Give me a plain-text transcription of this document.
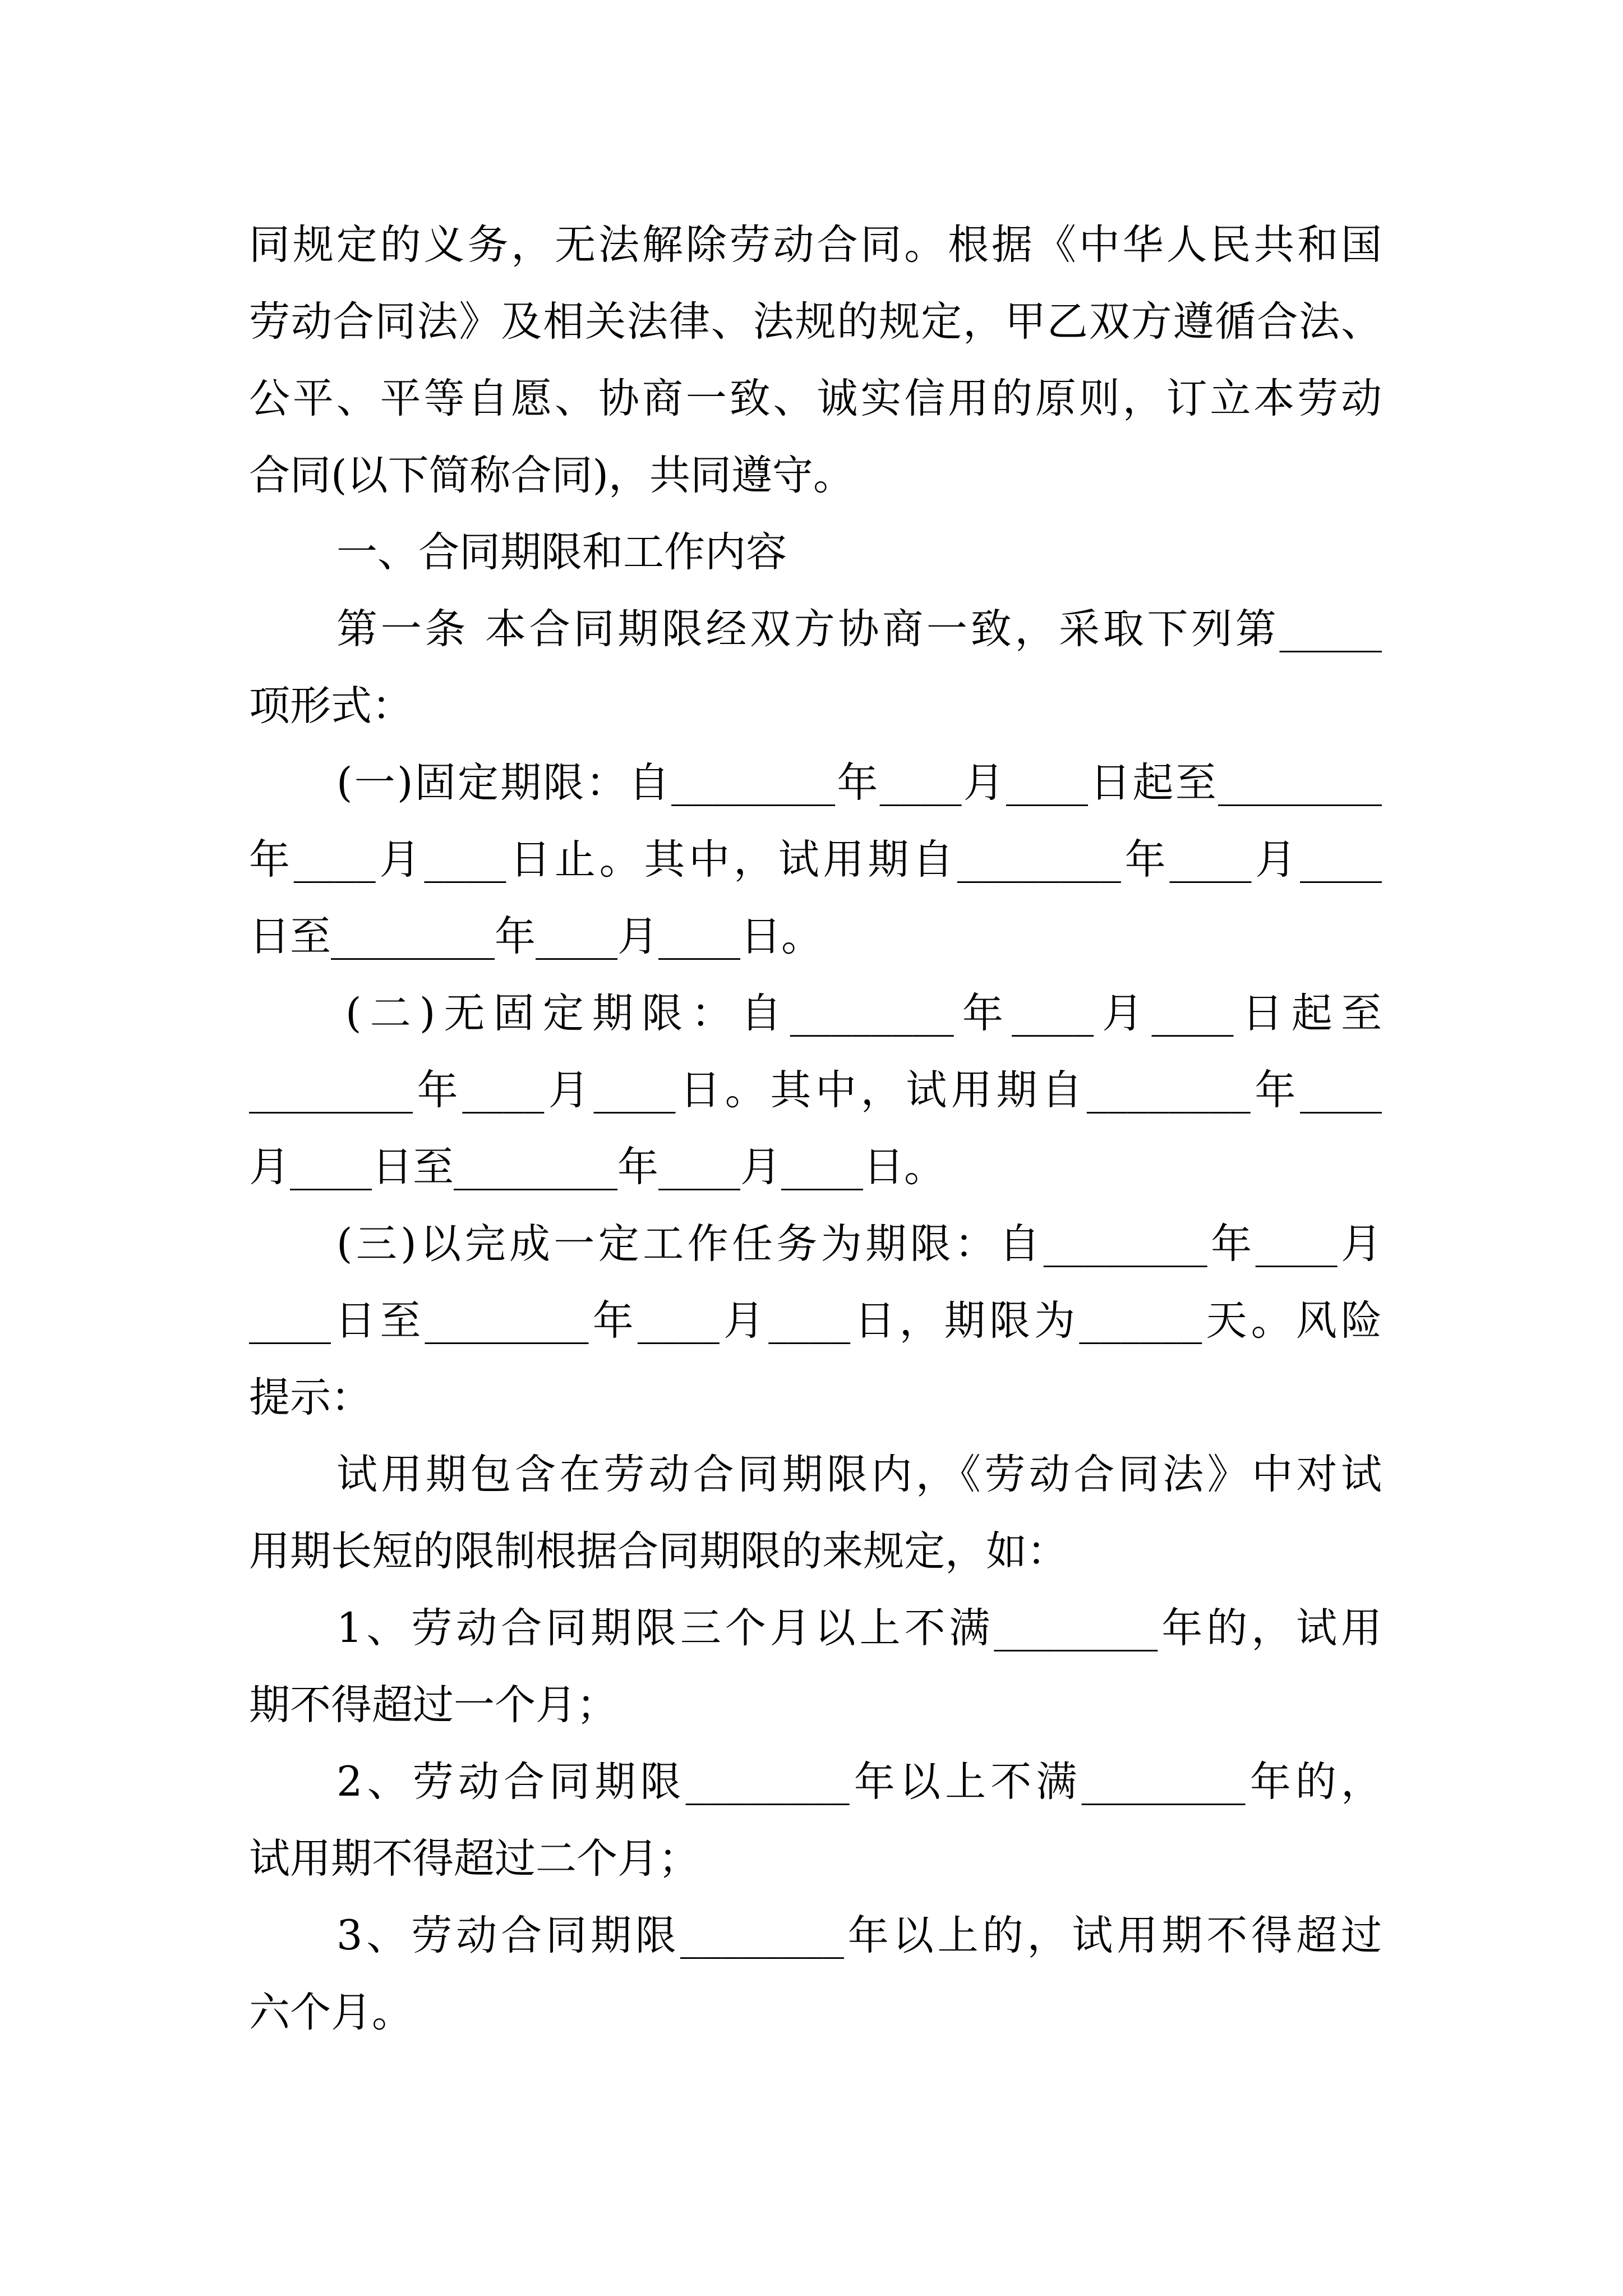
同规定的义务，无法解除劳动合同。根据《中华人民共和国
劳动合同法》及相关法律、法规的规定，甲乙双方遵循合法、
公平、平等自愿、协商一致、诚实信用的原则，订立本劳动
合同(以下简称合同)，共同遵守。
一、合同期限和工作内容
第一条 本合同期限经双方协商一致，采取下列第_____
项形式：
(一)固定期限：自________年____月____日起至________
年____月____日止。其中，试用期自________年____月____
日至________年____月____日。
(二)无固定期限：自________年____月____日起至
________年____月____日。其中，试用期自________年____
月____日至________年____月____日。
(三)以完成一定工作任务为期限：自________年____月
____日至________年____月____日，期限为______天。风险
提示：
试用期包含在劳动合同期限内，《劳动合同法》中对试
用期长短的限制根据合同期限的来规定，如：
1、劳动合同期限三个月以上不满________年的，试用
期不得超过一个月；
2、劳动合同期限________年以上不满________年的，
试用期不得超过二个月；
3、劳动合同期限________年以上的，试用期不得超过
六个月。
